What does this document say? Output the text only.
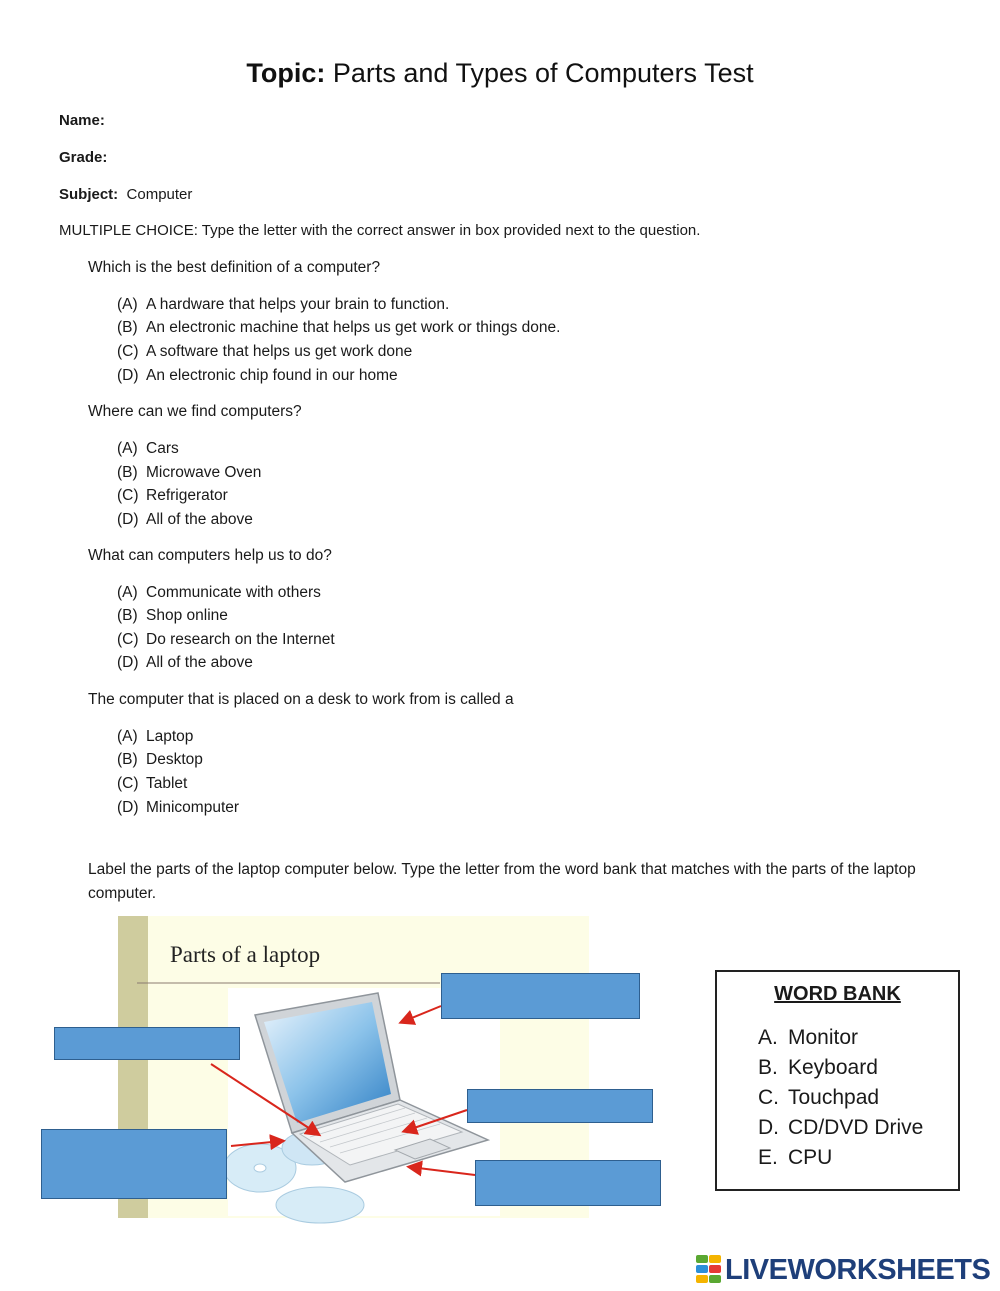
Topic: Parts and Types of Computers Test
Name:
Grade:
Subject: Computer
MULTIPLE CHOICE: Type the letter with the correct answer in box provided next to the question.
Which is the best definition of a computer?
(A) A hardware that helps your brain to function.
(B) An electronic machine that helps us get work or things done.
(C) A software that helps us get work done
(D) An electronic chip found in our home
Where can we find computers?
(A) Cars
(B) Microwave Oven
(C) Refrigerator
(D) All of the above
What can computers help us to do?
(A) Communicate with others
(B) Shop online
(C) Do research on the Internet
(D) All of the above
The computer that is placed on a desk to work from is called a
(A) Laptop
(B) Desktop
(C) Tablet
(D) Minicomputer
Label the parts of the laptop computer below. Type the letter from the word bank that matches with the parts of the laptop computer.
Parts of a laptop
WORD BANK
A. Monitor
B. Keyboard
C. Touchpad
D. CD/DVD Drive
E. CPU
LIVEWORKSHEETS
